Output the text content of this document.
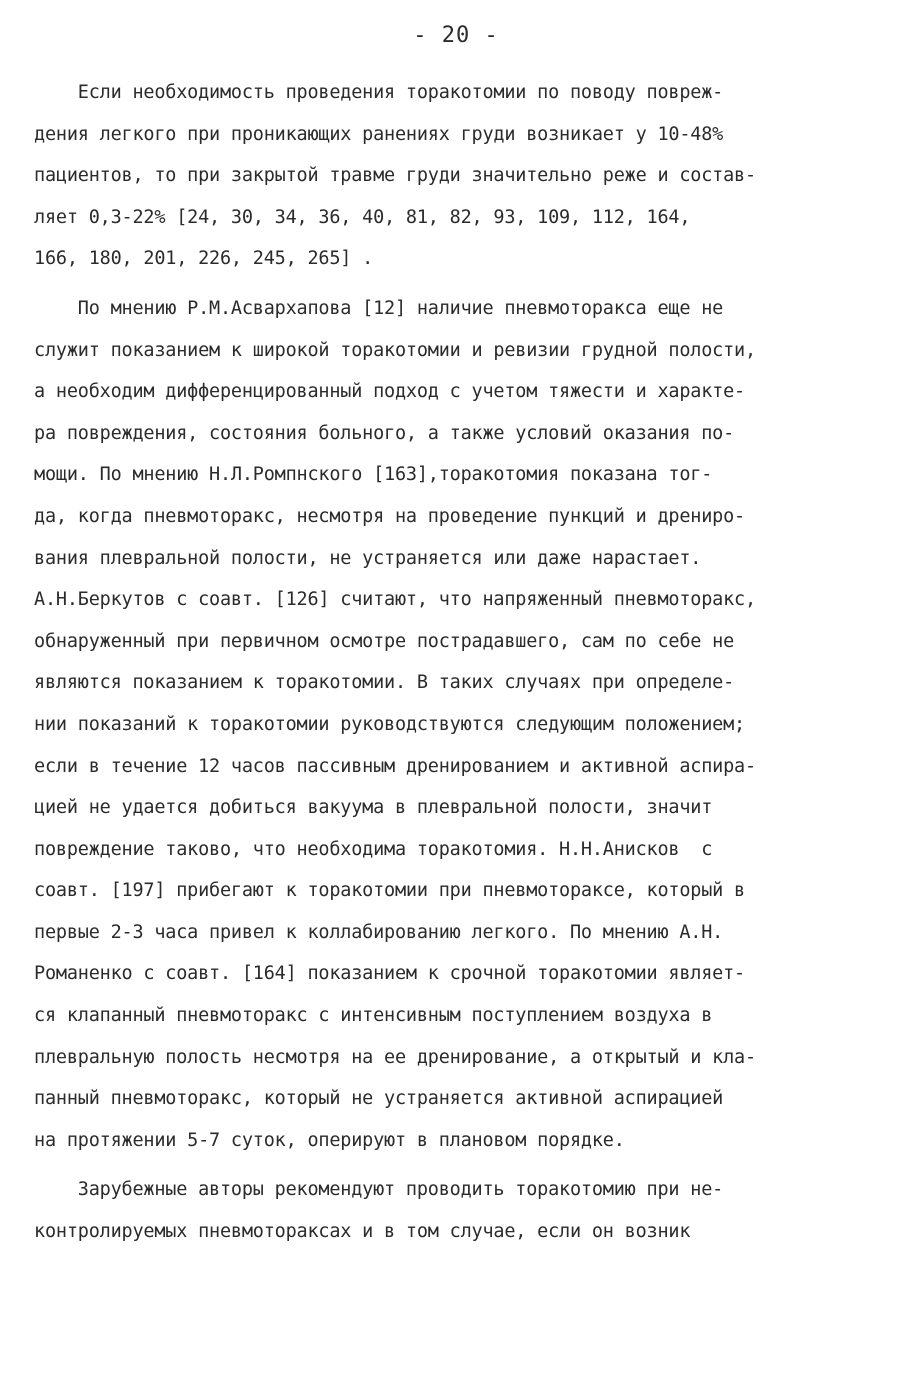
- 20 -
Если необходимость проведения торакотомии по поводу повреж-
дения легкого при проникающих ранениях груди возникает у 10-48%
пациентов, то при закрытой травме груди значительно реже и состав-
ляет 0,3-22% [24, 30, 34, 36, 40, 81, 82, 93, 109, 112, 164,
166, 180, 201, 226, 245, 265] .
По мнению Р.М.Асвархапова [12] наличие пневмоторакса еще не
служит показанием к широкой торакотомии и ревизии грудной полости,
а необходим дифференцированный подход с учетом тяжести и характе-
ра повреждения, состояния больного, а также условий оказания по-
мощи. По мнению Н.Л.Ромпнского [163],торакотомия показана тог-
да, когда пневмоторакс, несмотря на проведение пункций и дрениро-
вания плевральной полости, не устраняется или даже нарастает.
А.Н.Беркутов с соавт. [126] считают, что напряженный пневмоторакс,
обнаруженный при первичном осмотре пострадавшего, сам по себе не
являются показанием к торакотомии. В таких случаях при определе-
нии показаний к торакотомии руководствуются следующим положением;
если в течение 12 часов пассивным дренированием и активной аспира-
цией не удается добиться вакуума в плевральной полости, значит
повреждение таково, что необходима торакотомия. Н.Н.Анисков  с
соавт. [197] прибегают к торакотомии при пневмотораксе, который в
первые 2-3 часа привел к коллабированию легкого. По мнению А.Н.
Романенко с соавт. [164] показанием к срочной торакотомии являет-
ся клапанный пневмоторакс с интенсивным поступлением воздуха в
плевральную полость несмотря на ее дренирование, а открытый и кла-
панный пневмоторакс, который не устраняется активной аспирацией
на протяжении 5-7 суток, оперируют в плановом порядке.
Зарубежные авторы рекомендуют проводить торакотомию при не-
контролируемых пневмотораксах и в том случае, если он возник
